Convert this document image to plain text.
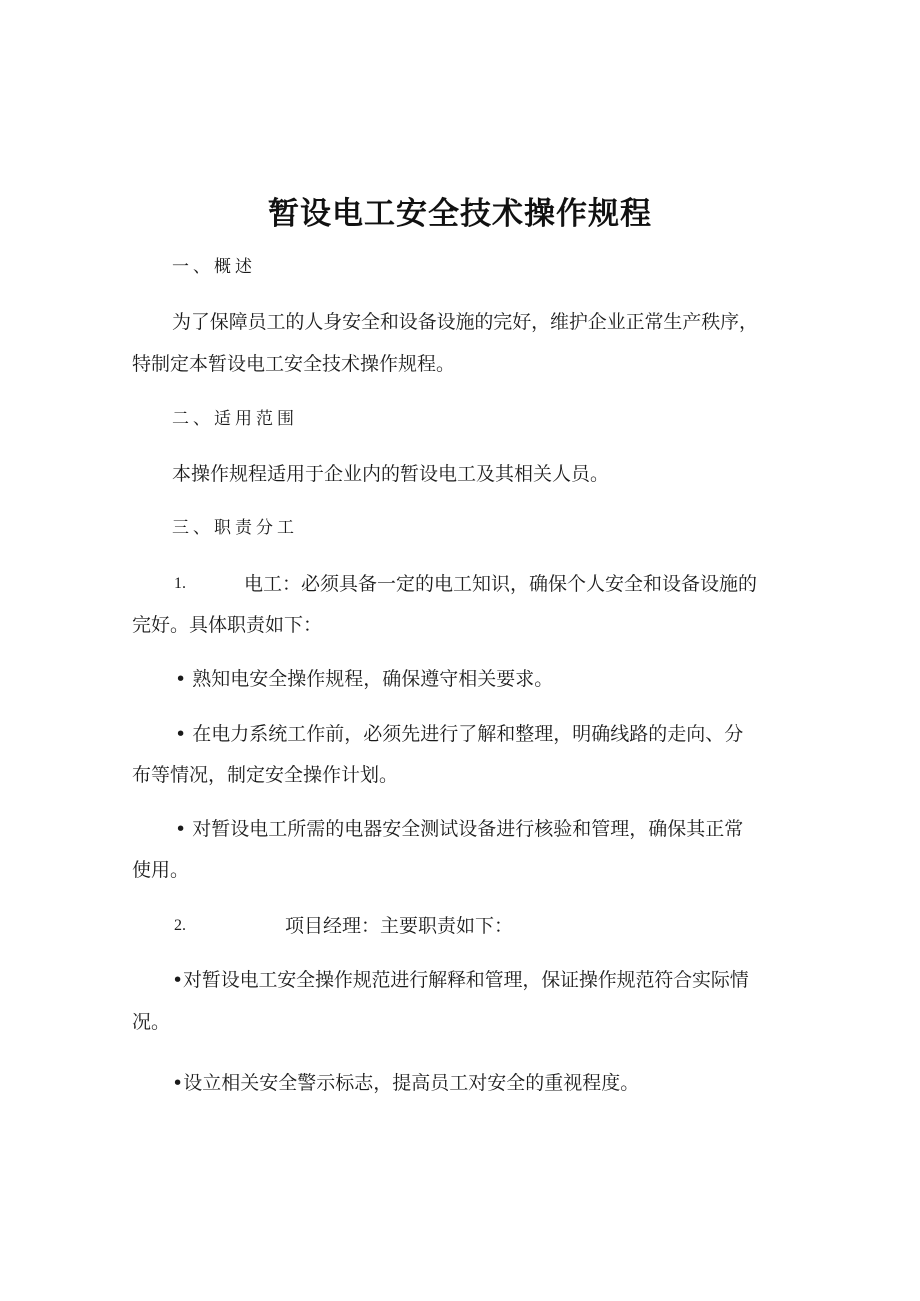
暂设电工安全技术操作规程
一、概述
为了保障员工的人身安全和设备设施的完好，维护企业正常生产秩序，
特制定本暂设电工安全技术操作规程。
二、适用范围
本操作规程适用于企业内的暂设电工及其相关人员。
三、职责分工
1.	电工：必须具备一定的电工知识，确保个人安全和设备设施的
完好。具体职责如下：
• 熟知电安全操作规程，确保遵守相关要求。
• 在电力系统工作前，必须先进行了解和整理，明确线路的走向、分
布等情况，制定安全操作计划。
• 对暂设电工所需的电器安全测试设备进行核验和管理，确保其正常
使用。
2.	项目经理：主要职责如下：
•对暂设电工安全操作规范进行解释和管理，保证操作规范符合实际情
况。
•设立相关安全警示标志，提高员工对安全的重视程度。
